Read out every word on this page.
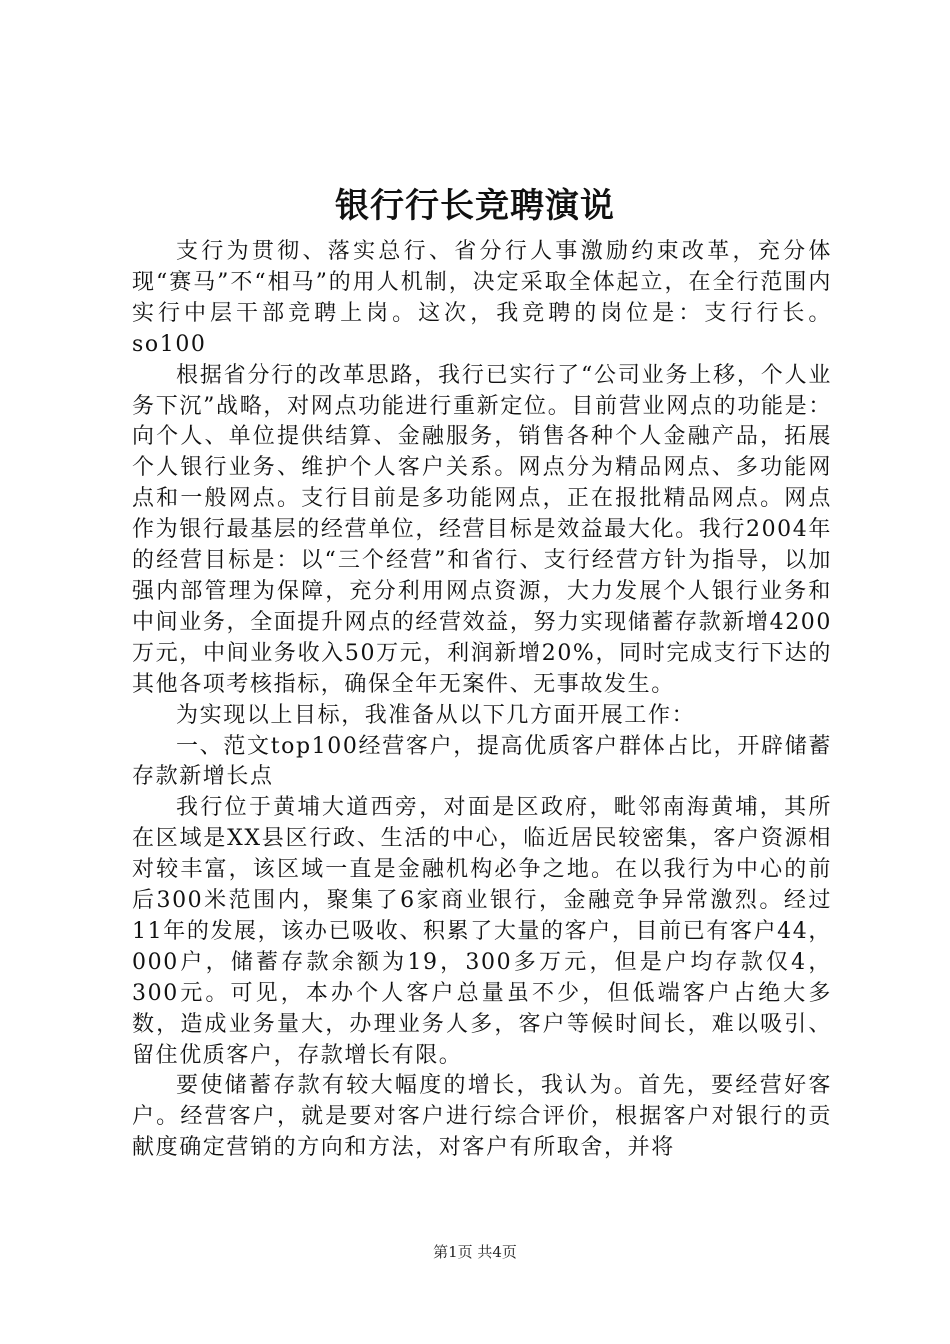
银行行长竞聘演说

支行为贯彻、落实总行、省分行人事激励约束改革，充分体现“赛马”不“相马”的用人机制，决定采取全体起立，在全行范围内实行中层干部竞聘上岗。这次，我竞聘的岗位是：支行行长。so100

根据省分行的改革思路，我行已实行了“公司业务上移，个人业务下沉”战略，对网点功能进行重新定位。目前营业网点的功能是：向个人、单位提供结算、金融服务，销售各种个人金融产品，拓展个人银行业务、维护个人客户关系。网点分为精品网点、多功能网点和一般网点。支行目前是多功能网点，正在报批精品网点。网点作为银行最基层的经营单位，经营目标是效益最大化。我行2004年的经营目标是：以“三个经营”和省行、支行经营方针为指导，以加强内部管理为保障，充分利用网点资源，大力发展个人银行业务和中间业务，全面提升网点的经营效益，努力实现储蓄存款新增4200万元，中间业务收入50万元，利润新增20%，同时完成支行下达的其他各项考核指标，确保全年无案件、无事故发生。

为实现以上目标，我准备从以下几方面开展工作：

一、范文top100经营客户，提高优质客户群体占比，开辟储蓄存款新增长点

我行位于黄埔大道西旁，对面是区政府，毗邻南海黄埔，其所在区域是XX县区行政、生活的中心，临近居民较密集，客户资源相对较丰富，该区域一直是金融机构必争之地。在以我行为中心的前后300米范围内，聚集了6家商业银行，金融竞争异常激烈。经过11年的发展，该办已吸收、积累了大量的客户，目前已有客户44，000户，储蓄存款余额为19，300多万元，但是户均存款仅4，300元。可见，本办个人客户总量虽不少，但低端客户占绝大多数，造成业务量大，办理业务人多，客户等候时间长，难以吸引、留住优质客户，存款增长有限。

要使储蓄存款有较大幅度的增长，我认为。首先，要经营好客户。经营客户，就是要对客户进行综合评价，根据客户对银行的贡献度确定营销的方向和方法，对客户有所取舍，并将

第1页 共4页
